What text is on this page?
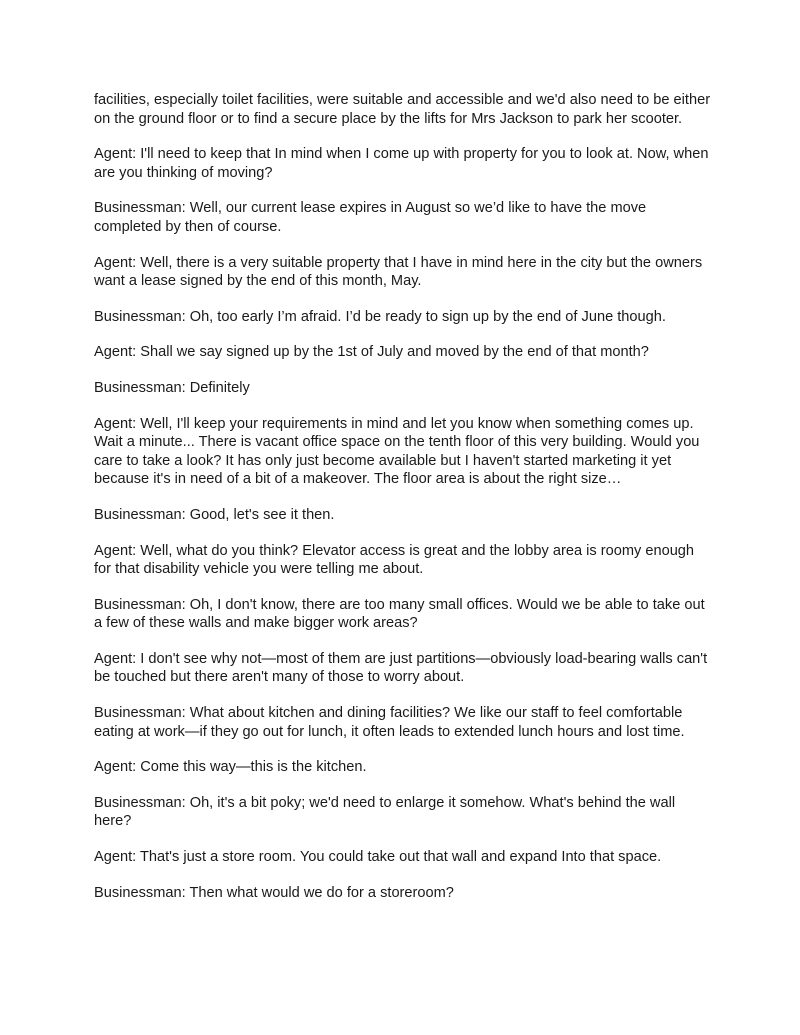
facilities, especially toilet facilities, were suitable and accessible and we'd also need to be either on the ground floor or to find a secure place by the lifts for Mrs Jackson to park her scooter.

Agent: I'll need to keep that In mind when I come up with property for you to look at. Now, when are you thinking of moving?

Businessman: Well, our current lease expires in August so we’d like to have the move completed by then of course.

Agent: Well, there is a very suitable property that I have in mind here in the city but the owners want a lease signed by the end of this month, May.

Businessman: Oh, too early I’m afraid. I’d be ready to sign up by the end of June though.

Agent: Shall we say signed up by the 1st of July and moved by the end of that month?

Businessman: Definitely

Agent: Well, I'll keep your requirements in mind and let you know when something comes up. Wait a minute... There is vacant office space on the tenth floor of this very building. Would you care to take a look? It has only just become available but I haven't started marketing it yet because it's in need of a bit of a makeover. The floor area is about the right size…

Businessman: Good, let's see it then.

Agent: Well, what do you think? Elevator access is great and the lobby area is roomy enough for that disability vehicle you were telling me about.

Businessman: Oh, I don't know, there are too many small offices. Would we be able to take out a few of these walls and make bigger work areas?

Agent: I don't see why not—most of them are just partitions—obviously load-bearing walls can't be touched but there aren't many of those to worry about.

Businessman: What about kitchen and dining facilities? We like our staff to feel comfortable eating at work—if they go out for lunch, it often leads to extended lunch hours and lost time.

Agent: Come this way—this is the kitchen.

Businessman: Oh, it's a bit poky; we'd need to enlarge it somehow. What's behind the wall here?

Agent: That's just a store room. You could take out that wall and expand Into that space.

Businessman: Then what would we do for a storeroom?
